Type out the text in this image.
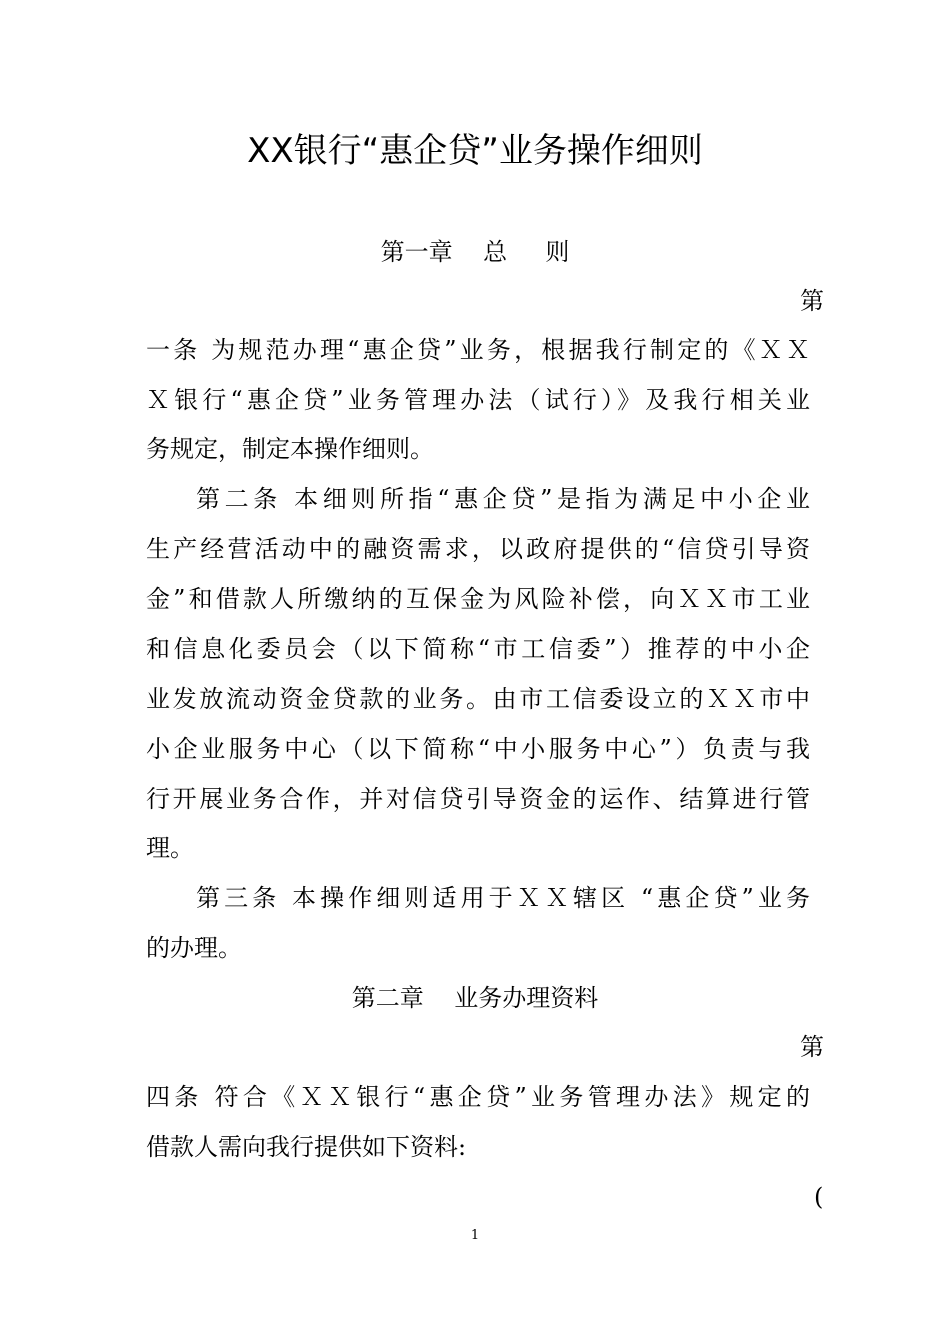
XX银行“惠企贷”业务操作细则
第一章    总     则
第
一条 为规范办理“惠企贷”业务，根据我行制定的《ＸＸ
Ｘ银行“惠企贷”业务管理办法（试行）》及我行相关业
务规定，制定本操作细则。
第二条 本细则所指“惠企贷”是指为满足中小企业
生产经营活动中的融资需求，以政府提供的“信贷引导资
金”和借款人所缴纳的互保金为风险补偿，向ＸＸ市工业
和信息化委员会（以下简称“市工信委”）推荐的中小企
业发放流动资金贷款的业务。由市工信委设立的ＸＸ市中
小企业服务中心（以下简称“中小服务中心”）负责与我
行开展业务合作，并对信贷引导资金的运作、结算进行管
理。
第三条 本操作细则适用于ＸＸ辖区 “惠企贷”业务
的办理。
第二章    业务办理资料
第
四条 符合《ＸＸ银行“惠企贷”业务管理办法》规定的
借款人需向我行提供如下资料:
(
1
